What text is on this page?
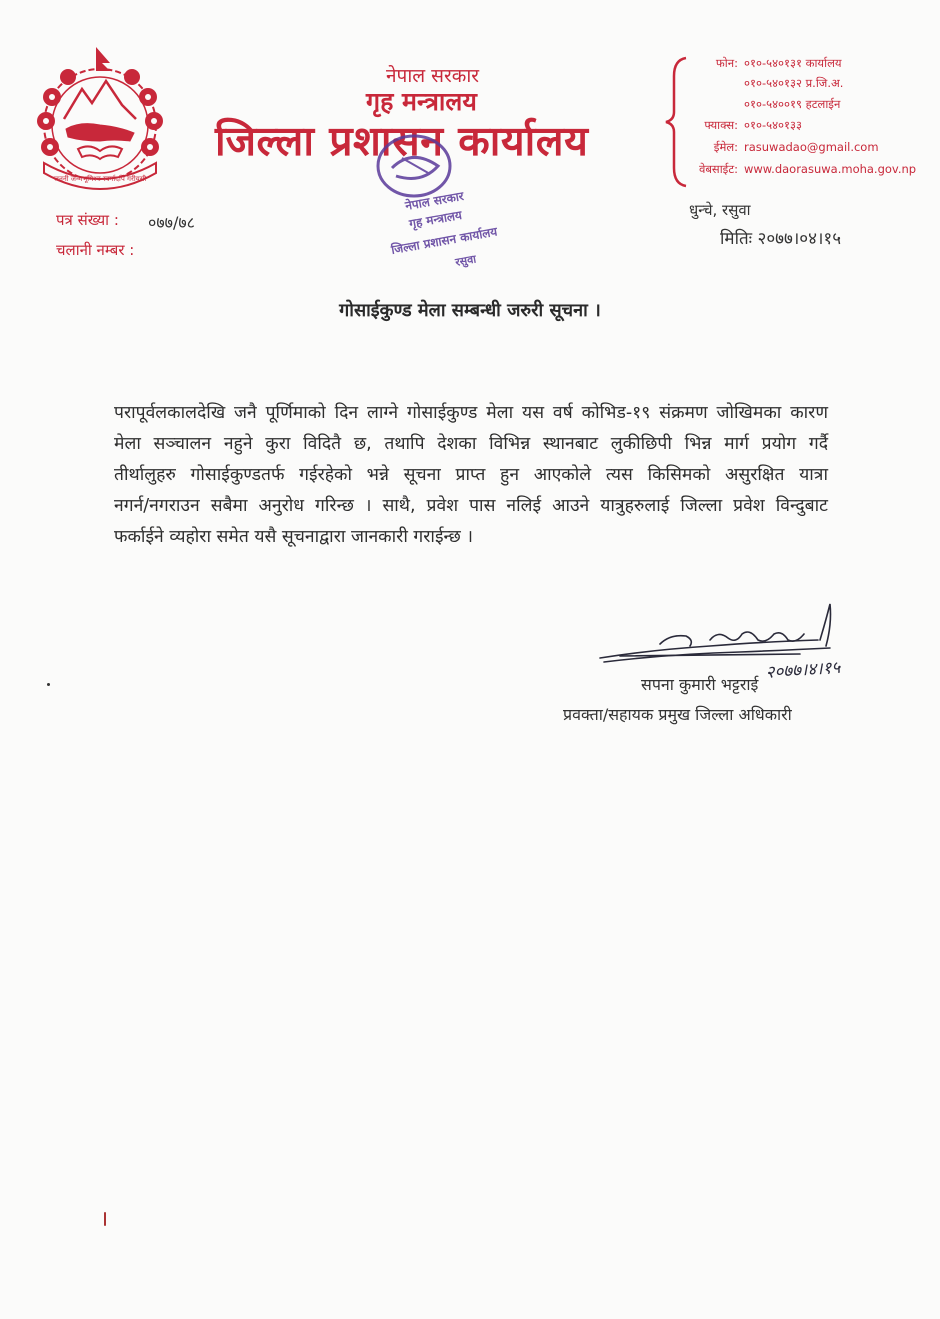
जननी जन्मभूमिश्च स्वर्गादपि गरीयसी
नेपाल सरकार
गृह मन्त्रालय
जिल्ला प्रशासन कार्यालय
नेपाल सरकार
गृह मन्त्रालय
जिल्ला प्रशासन कार्यालय
रसुवा
फोन: ०१०-५४०१३१ कार्यालय
०१०-५४०१३२ प्र.जि.अ.
०१०-५४००१९ हटलाईन
फ्याक्स: ०१०-५४०१३३
ईमेल: rasuwadao@gmail.com
वेबसाईट: www.daorasuwa.moha.gov.np
पत्र संख्या : ०७७/७८
चलानी नम्बर :
धुन्चे, रसुवा
मितिः २०७७।०४।१५
गोसाईकुण्ड मेला सम्बन्धी जरुरी सूचना ।
परापूर्वलकालदेखि जनै पूर्णिमाको दिन लाग्ने गोसाईकुण्ड मेला यस वर्ष कोभिड-१९ संक्रमण जोखिमका कारण
मेला सञ्चालन नहुने कुरा विदितै छ, तथापि देशका विभिन्न स्थानबाट लुकीछिपी भिन्न मार्ग प्रयोग गर्दै
तीर्थालुहरु गोसाईकुण्डतर्फ गईरहेको भन्ने सूचना प्राप्त हुन आएकोले त्यस किसिमको असुरक्षित यात्रा
नगर्न/नगराउन सबैमा अनुरोध गरिन्छ । साथै, प्रवेश पास नलिई आउने यात्रुहरुलाई जिल्ला प्रवेश विन्दुबाट
फर्काईने व्यहोरा समेत यसै सूचनाद्वारा जानकारी गराईन्छ ।
२०७७।४।१५
सपना कुमारी भट्टराई
प्रवक्ता/सहायक प्रमुख जिल्ला अधिकारी
